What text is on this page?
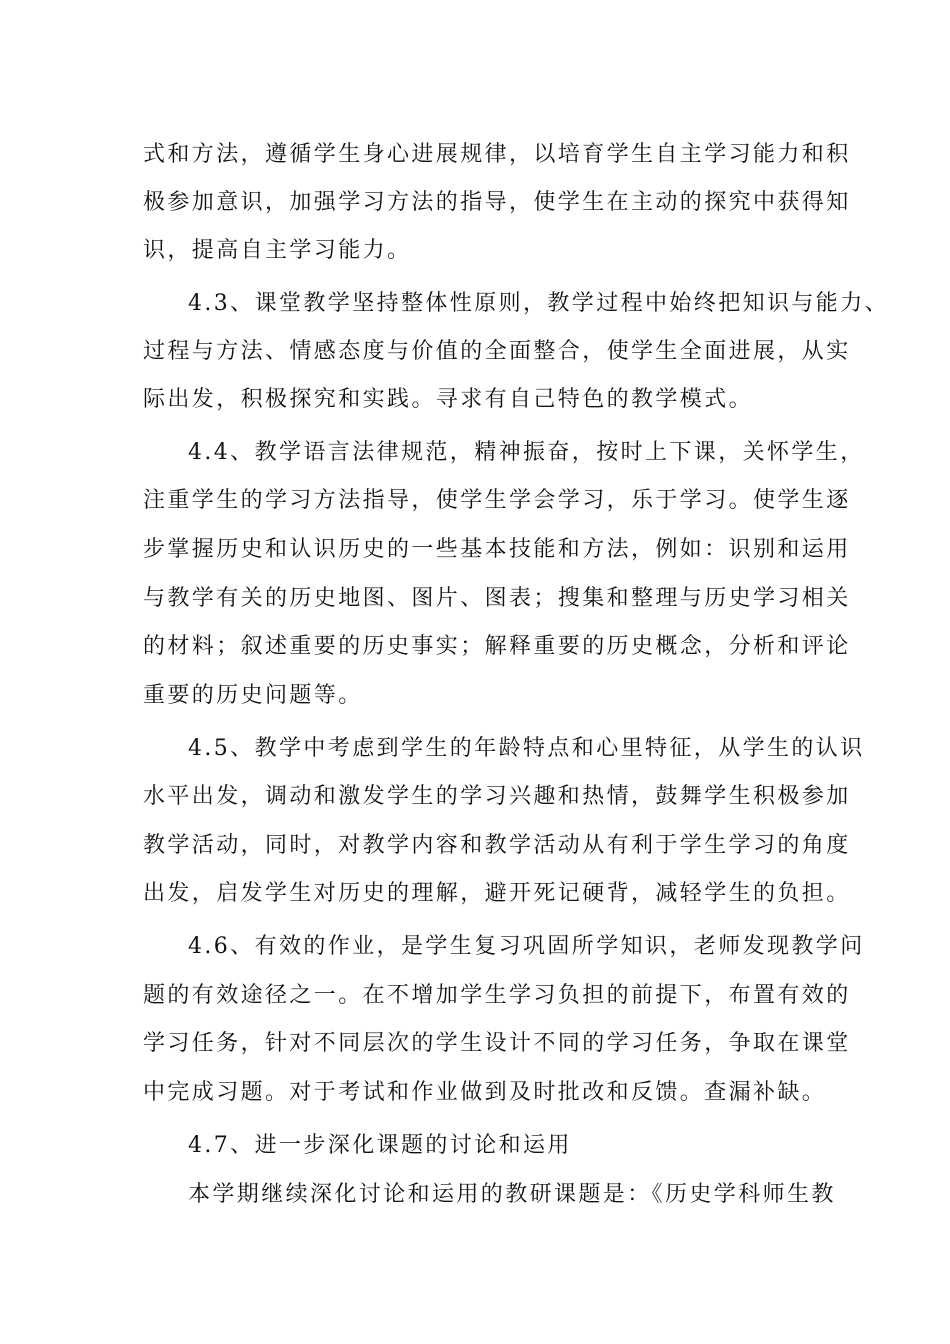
式和方法，遵循学生身心进展规律，以培育学生自主学习能力和积
极参加意识，加强学习方法的指导，使学生在主动的探究中获得知
识，提高自主学习能力。
4.3、课堂教学坚持整体性原则，教学过程中始终把知识与能力、
过程与方法、情感态度与价值的全面整合，使学生全面进展，从实
际出发，积极探究和实践。寻求有自己特色的教学模式。
4.4、教学语言法律规范，精神振奋，按时上下课，关怀学生，
注重学生的学习方法指导，使学生学会学习，乐于学习。使学生逐
步掌握历史和认识历史的一些基本技能和方法，例如：识别和运用
与教学有关的历史地图、图片、图表；搜集和整理与历史学习相关
的材料；叙述重要的历史事实；解释重要的历史概念，分析和评论
重要的历史问题等。
4.5、教学中考虑到学生的年龄特点和心里特征，从学生的认识
水平出发，调动和激发学生的学习兴趣和热情，鼓舞学生积极参加
教学活动，同时，对教学内容和教学活动从有利于学生学习的角度
出发，启发学生对历史的理解，避开死记硬背，减轻学生的负担。
4.6、有效的作业，是学生复习巩固所学知识，老师发现教学问
题的有效途径之一。在不增加学生学习负担的前提下，布置有效的
学习任务，针对不同层次的学生设计不同的学习任务，争取在课堂
中完成习题。对于考试和作业做到及时批改和反馈。查漏补缺。
4.7、进一步深化课题的讨论和运用
本学期继续深化讨论和运用的教研课题是：《历史学科师生教
